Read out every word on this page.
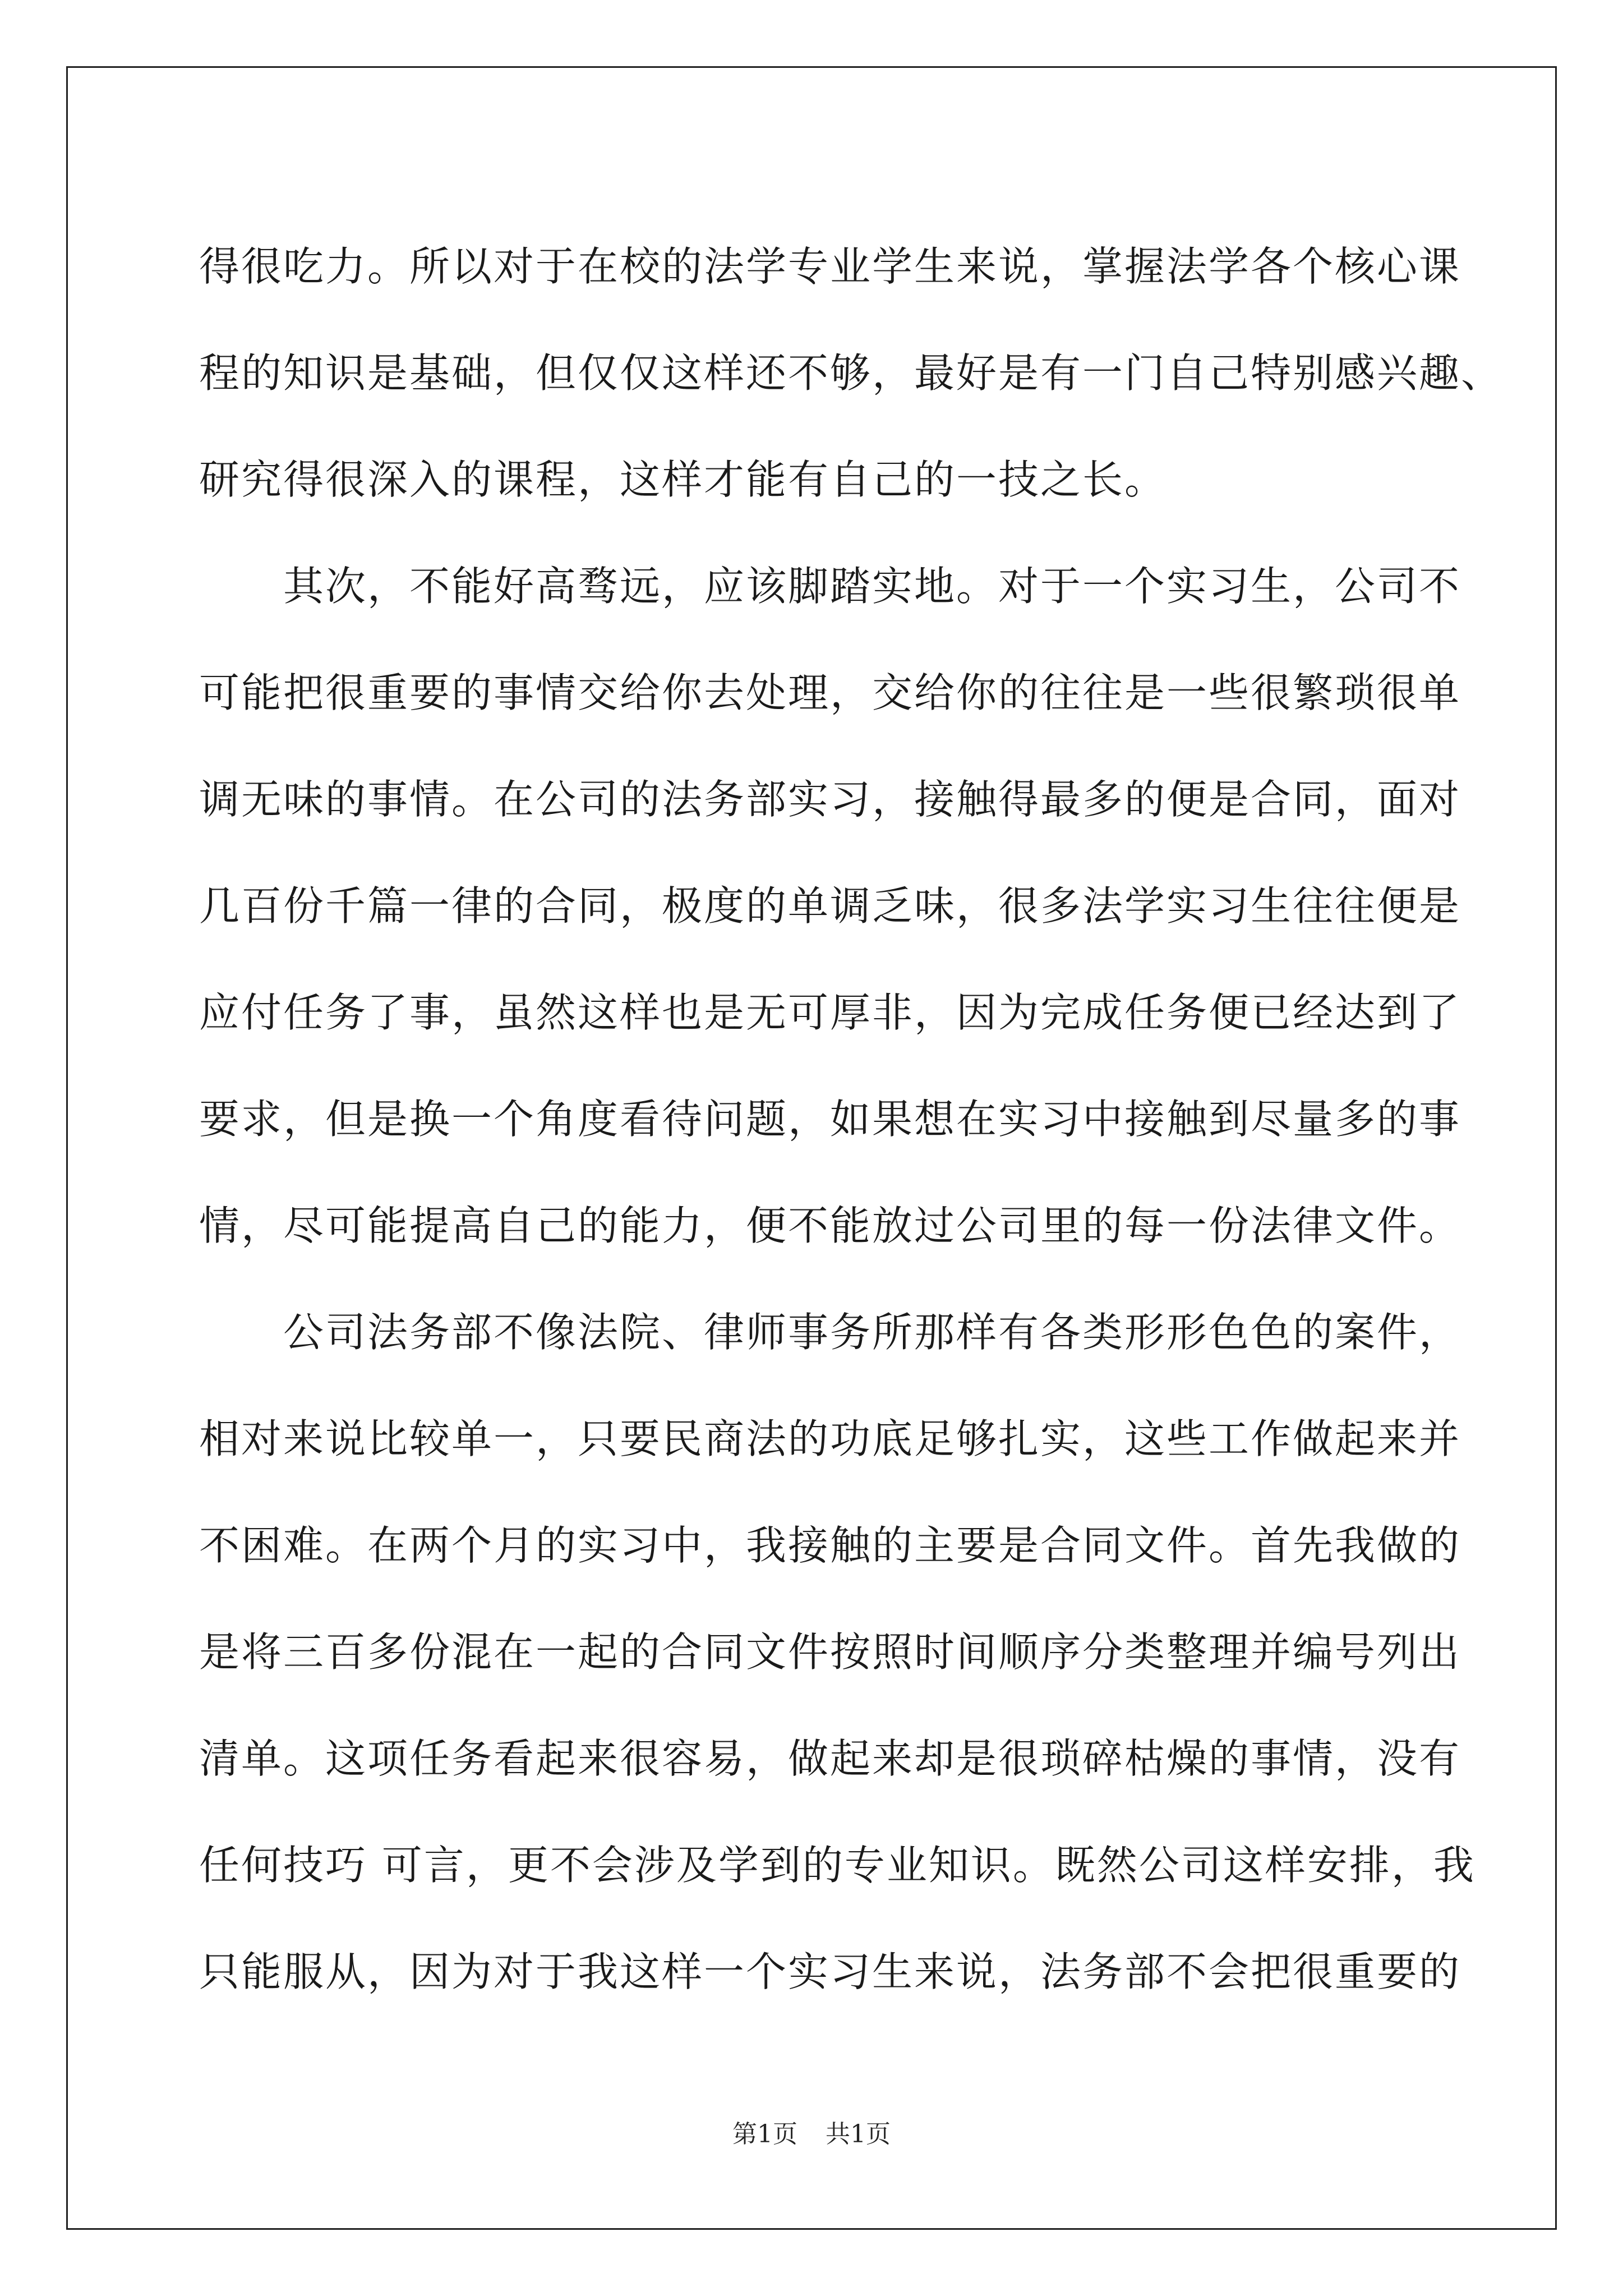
得很吃力。所以对于在校的法学专业学生来说，掌握法学各个核心课
程的知识是基础，但仅仅这样还不够，最好是有一门自己特别感兴趣、
研究得很深入的课程，这样才能有自己的一技之长。
其次，不能好高骛远，应该脚踏实地。对于一个实习生，公司不
可能把很重要的事情交给你去处理，交给你的往往是一些很繁琐很单
调无味的事情。在公司的法务部实习，接触得最多的便是合同，面对
几百份千篇一律的合同，极度的单调乏味，很多法学实习生往往便是
应付任务了事，虽然这样也是无可厚非，因为完成任务便已经达到了
要求，但是换一个角度看待问题，如果想在实习中接触到尽量多的事
情，尽可能提高自己的能力，便不能放过公司里的每一份法律文件。
公司法务部不像法院、律师事务所那样有各类形形色色的案件，
相对来说比较单一，只要民商法的功底足够扎实，这些工作做起来并
不困难。在两个月的实习中，我接触的主要是合同文件。首先我做的
是将三百多份混在一起的合同文件按照时间顺序分类整理并编号列出
清单。这项任务看起来很容易，做起来却是很琐碎枯燥的事情，没有
任何技巧 可言，更不会涉及学到的专业知识。既然公司这样安排，我
只能服从，因为对于我这样一个实习生来说，法务部不会把很重要的
第1页 共1页
